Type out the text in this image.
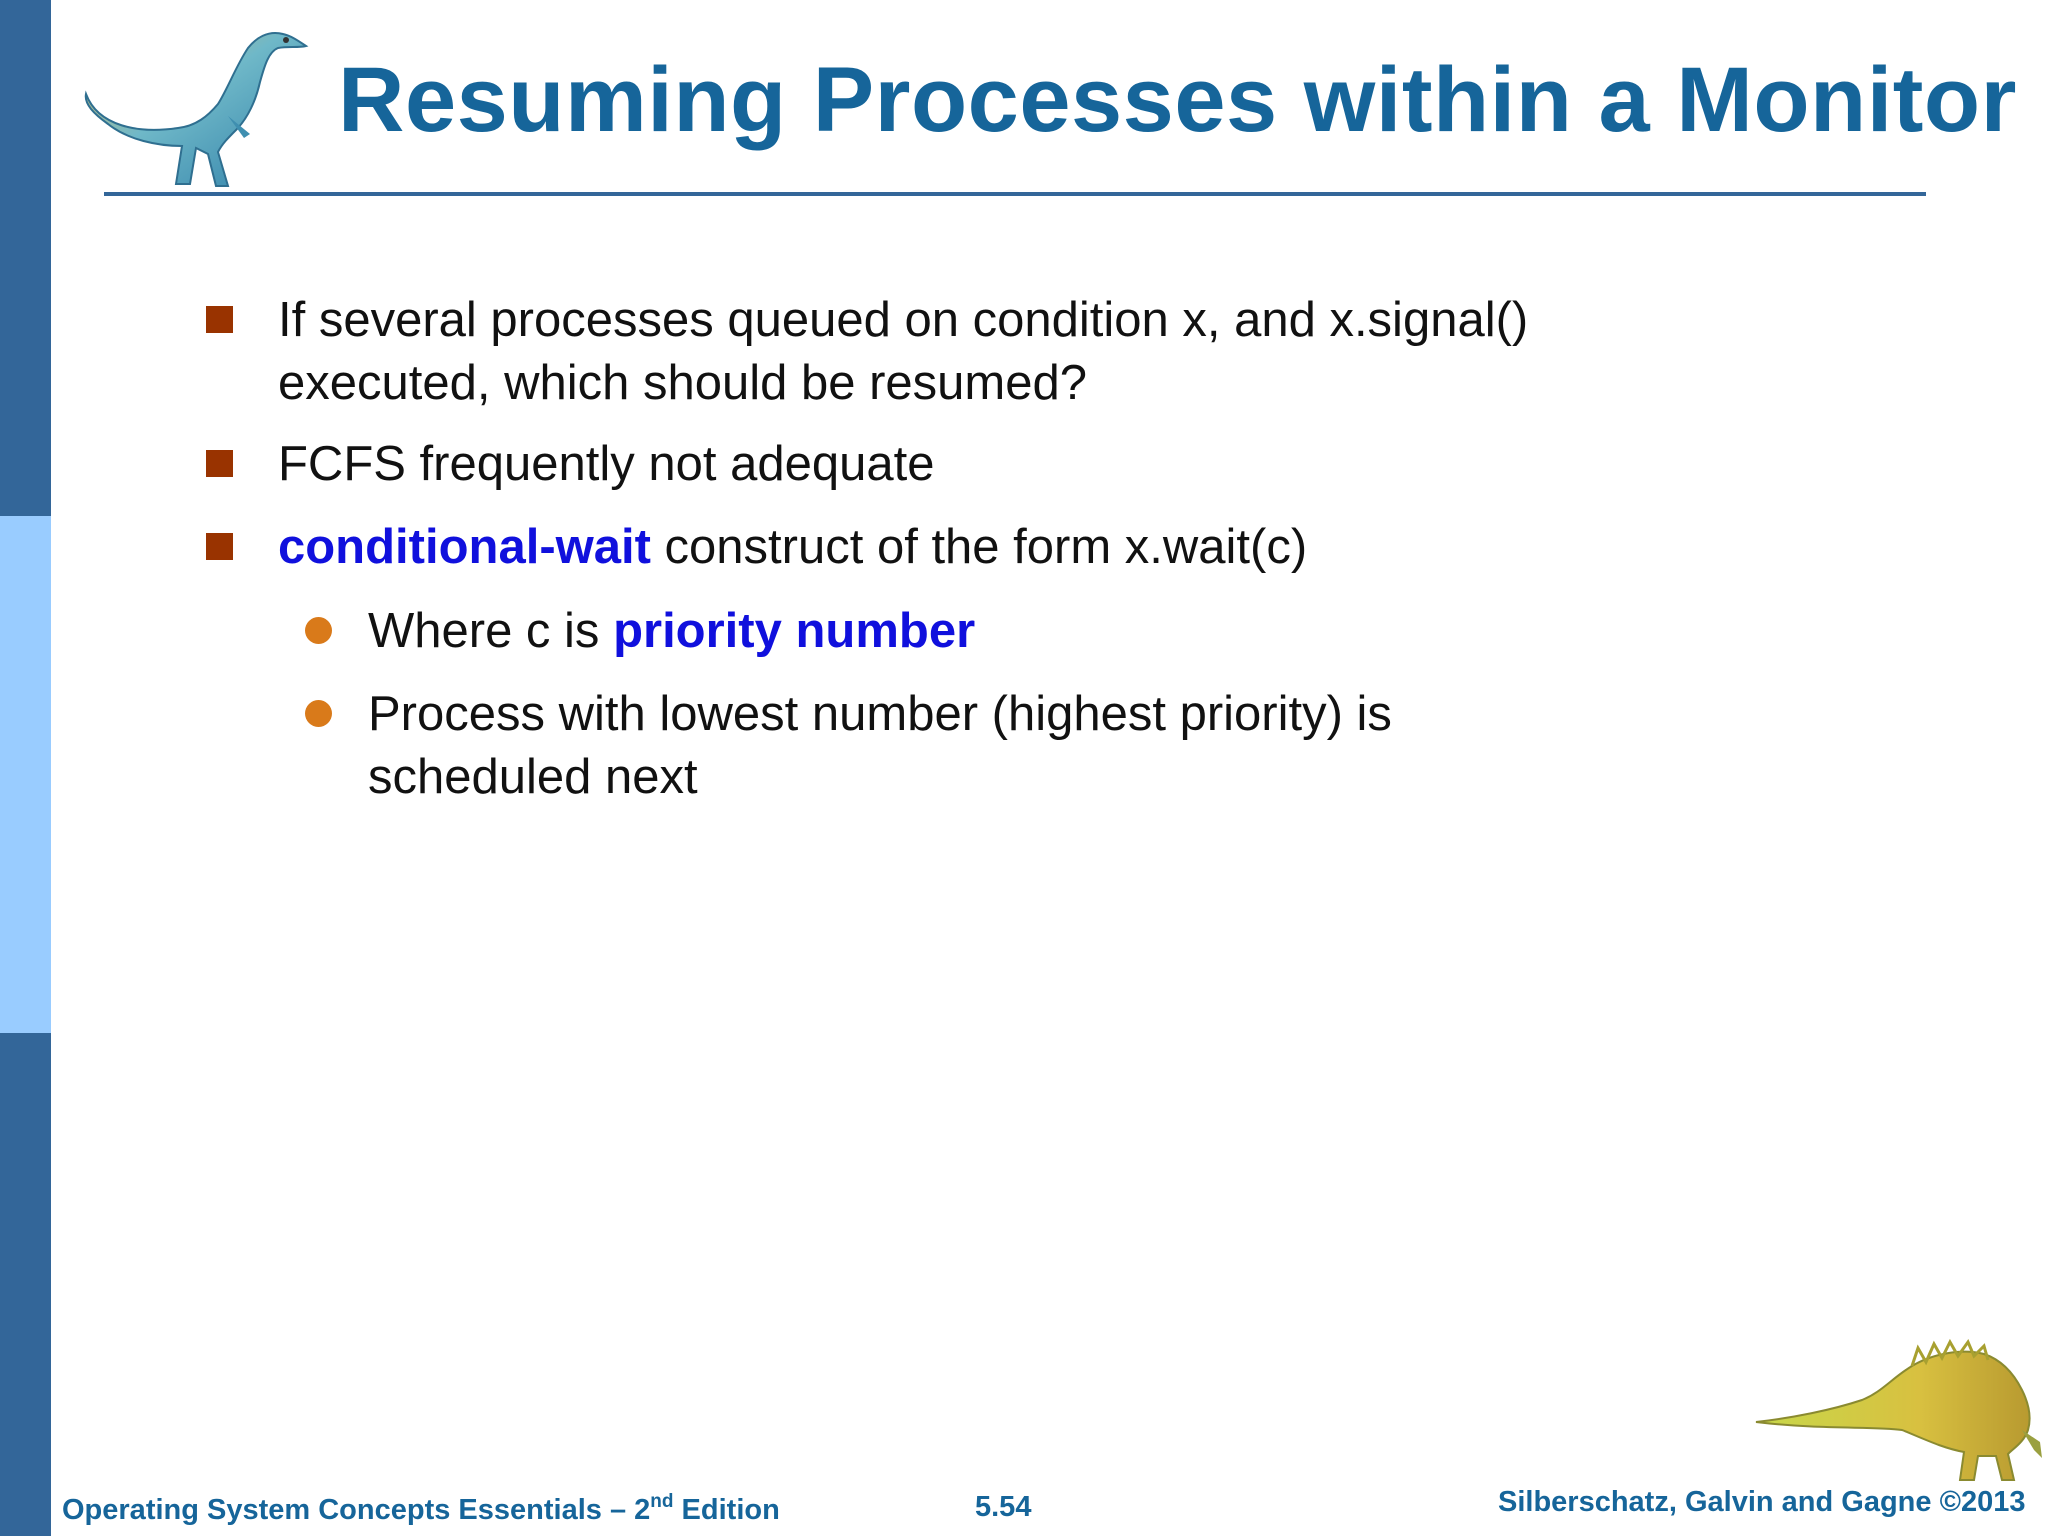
Resuming Processes within a Monitor
If several processes queued on condition x, and x.signal()
executed, which should be resumed?
FCFS frequently not adequate
conditional-wait construct of the form x.wait(c)
Where c is priority number
Process with lowest number (highest priority) is
scheduled next
Operating System Concepts Essentials – 2nd Edition	5.54	Silberschatz, Galvin and Gagne ©2013
